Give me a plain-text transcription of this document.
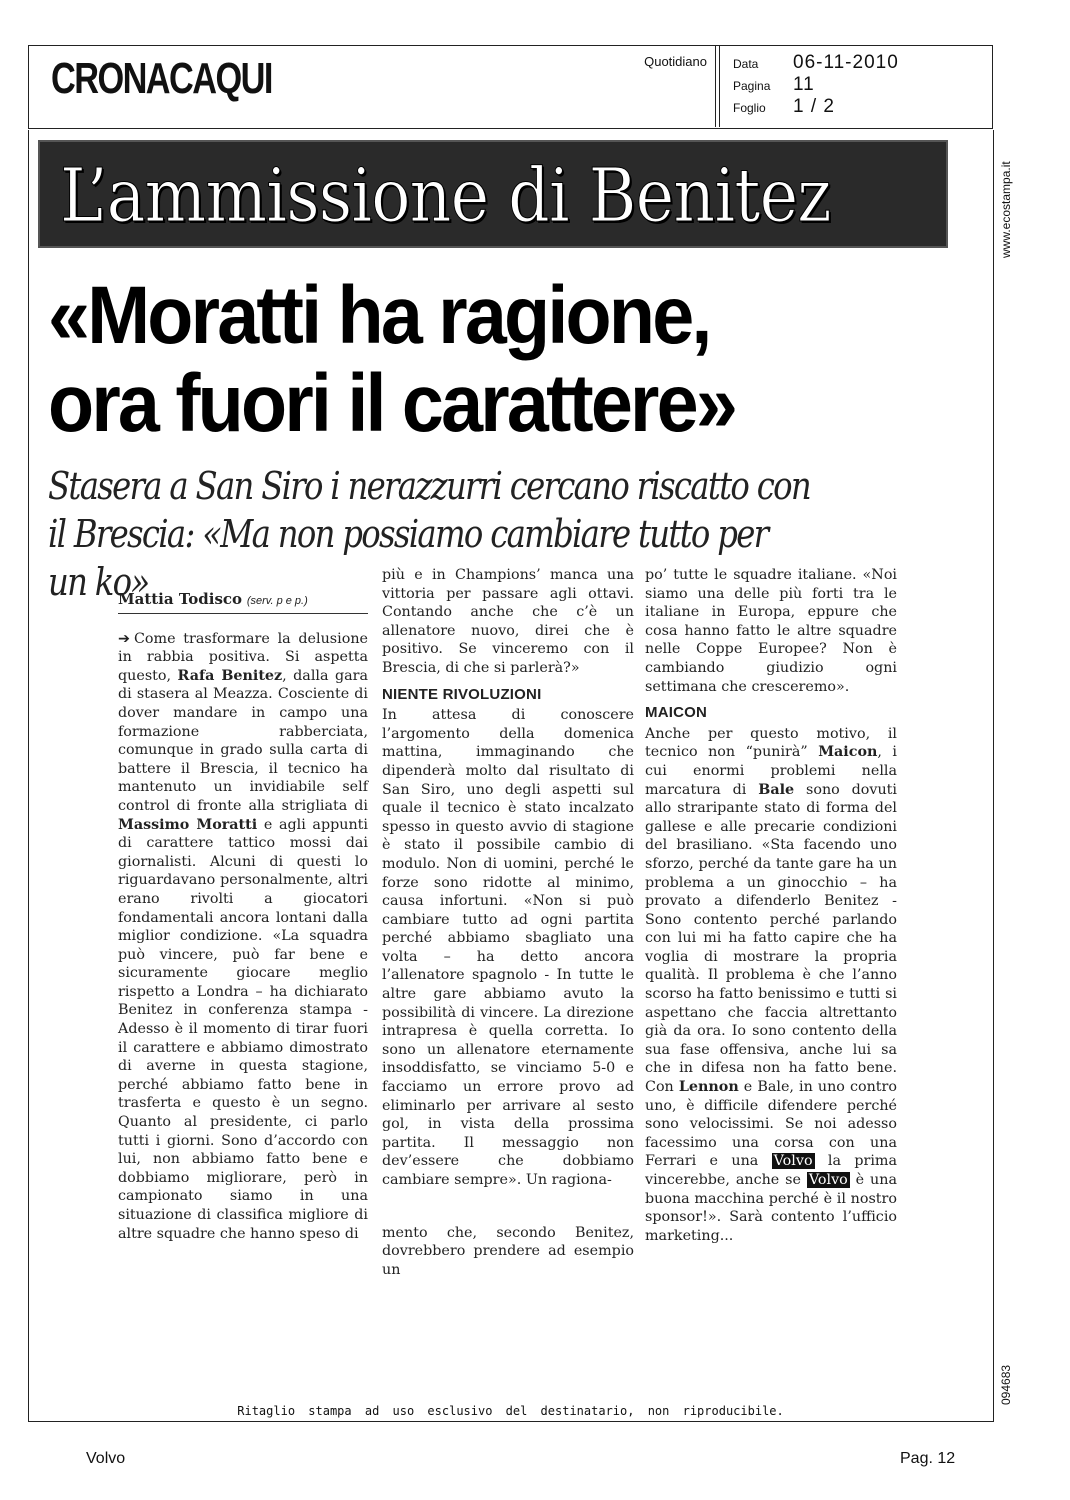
CRONACAQUI	Quotidiano Data	06-11-2010
Pagina	11
Foglio	1 / 2
www.ecostampa.it
094683
L’ammissione di Benitez
«Moratti ha ragione,
ora fuori il carattere»
Stasera a San Siro i nerazzurri cercano riscatto con il Brescia: «Ma non possiamo cambiare tutto per un ko»
Mattia Todisco (serv. p e p.)

➔ Come trasformare la delusione in rabbia positiva. Si aspetta questo, Rafa Benitez, dalla gara di stasera al Meazza. Cosciente di dover mandare in campo una formazione rabberciata, comunque in grado sulla carta di battere il Brescia, il tecnico ha mantenuto un invidiabile self control di fronte alla strigliata di Massimo Moratti e agli appunti di carattere tattico mossi dai giornalisti. Alcuni di questi lo riguardavano personalmente, altri erano rivolti a giocatori fondamentali ancora lontani dalla miglior condizione. «La squadra può vincere, può far bene e sicuramente giocare meglio rispetto a Londra – ha dichiarato Benitez in conferenza stampa - Adesso è il momento di tirar fuori il carattere e abbiamo dimostrato di averne in questa stagione, perché abbiamo fatto bene in trasferta e questo è un segno. Quanto al presidente, ci parlo tutti i giorni. Sono d’accordo con lui, non abbiamo fatto bene e dobbiamo migliorare, però in campionato siamo in una situazione di classifica migliore di altre squadre che hanno speso di

più e in Champions’ manca una vittoria per passare agli ottavi. Contando anche che c’è un allenatore nuovo, direi che è positivo. Se vinceremo con il Brescia, di che si parlerà?»

NIENTE RIVOLUZIONI

In attesa di conoscere l’argomento della domenica mattina, immaginando che dipenderà molto dal risultato di San Siro, uno degli aspetti sul quale il tecnico è stato incalzato spesso in questo avvio di stagione è stato il possibile cambio di modulo. Non di uomini, perché le forze sono ridotte al minimo, causa infortuni. «Non si può cambiare tutto ad ogni partita perché abbiamo sbagliato una volta – ha detto ancora l’allenatore spagnolo - In tutte le altre gare abbiamo avuto la possibilità di vincere. La direzione intrapresa è quella corretta. Io sono un allenatore eternamente insoddisfatto, se vinciamo 5-0 e facciamo un errore provo ad eliminarlo per arrivare al sesto gol, in vista della prossima partita. Il messaggio non dev’essere che dobbiamo cambiare sempre». Un ragiona-

mento che, secondo Benitez, dovrebbero prendere ad esempio un

po’ tutte le squadre italiane. «Noi siamo una delle più forti tra le italiane in Europa, eppure che cosa hanno fatto le altre squadre nelle Coppe Europee? Non è cambiando giudizio ogni settimana che cresceremo».

MAICON

Anche per questo motivo, il tecnico non “punirà” Maicon, i cui enormi problemi nella marcatura di Bale sono dovuti allo straripante stato di forma del gallese e alle precarie condizioni del brasiliano. «Sta facendo uno sforzo, perché da tante gare ha un problema a un ginocchio – ha provato a difenderlo Benitez - Sono contento perché parlando con lui mi ha fatto capire che ha voglia di mostrare la propria qualità. Il problema è che l’anno scorso ha fatto benissimo e tutti si aspettano che faccia altrettanto già da ora. Io sono contento della sua fase offensiva, anche lui sa che in difesa non ha fatto bene. Con Lennon e Bale, in uno contro uno, è difficile difendere perché sono velocissimi. Se noi adesso facessimo una corsa con una Ferrari e una Volvo la prima vincerebbe, anche se Volvo è una buona macchina perché è il nostro sponsor!». Sarà contento l’ufficio marketing...

Ritaglio stampa ad uso esclusivo del destinatario, non riproducibile.
Volvo	Pag. 12
